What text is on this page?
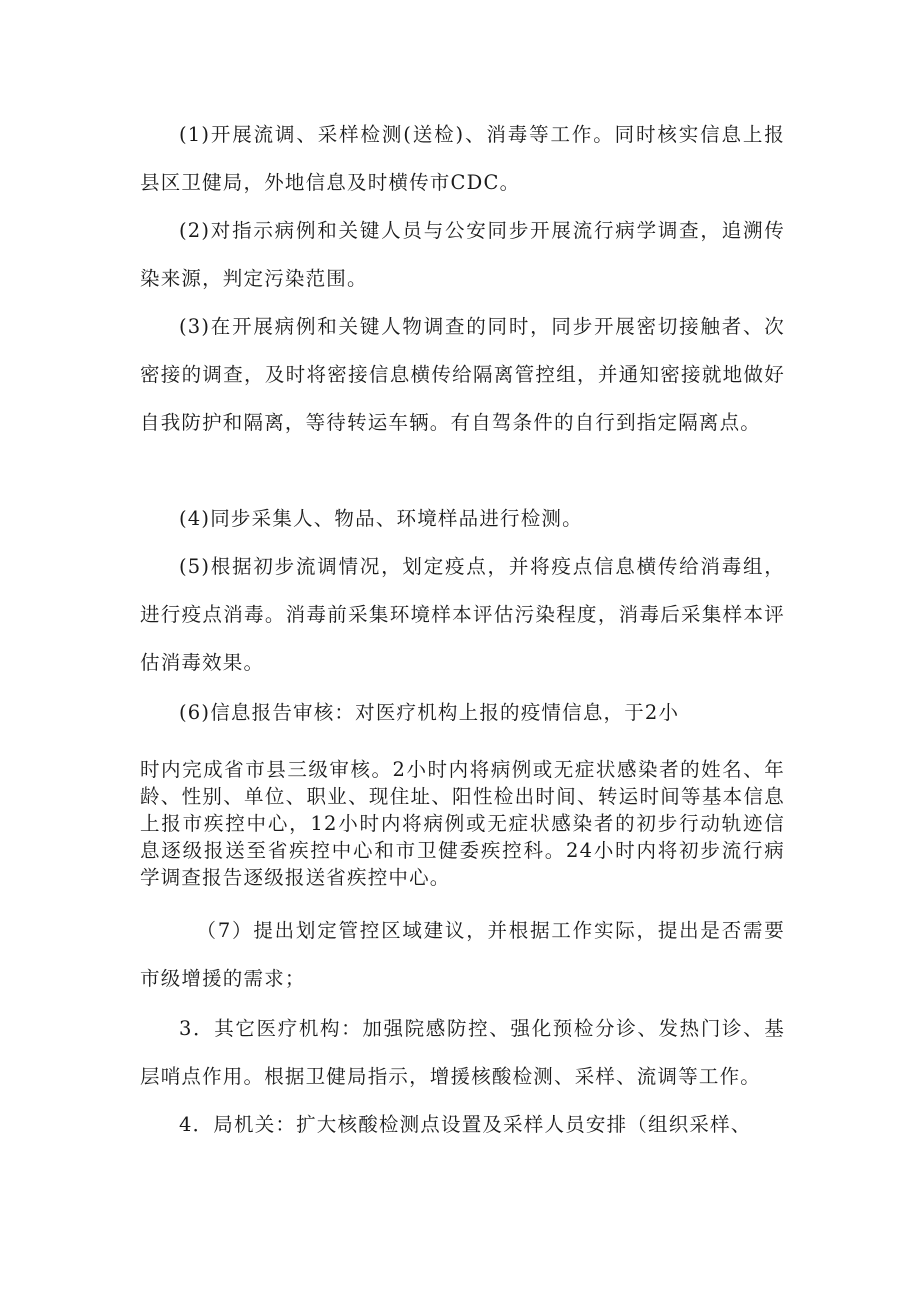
(1)开展流调、采样检测(送检)、消毒等工作。同时核实信息上报县区卫健局，外地信息及时横传市CDC。

(2)对指示病例和关键人员与公安同步开展流行病学调查，追溯传染来源，判定污染范围。

(3)在开展病例和关键人物调查的同时，同步开展密切接触者、次密接的调查，及时将密接信息横传给隔离管控组，并通知密接就地做好自我防护和隔离，等待转运车辆。有自驾条件的自行到指定隔离点。

(4)同步采集人、物品、环境样品进行检测。

(5)根据初步流调情况，划定疫点，并将疫点信息横传给消毒组，进行疫点消毒。消毒前采集环境样本评估污染程度，消毒后采集样本评估消毒效果。

(6)信息报告审核：对医疗机构上报的疫情信息，于2小

时内完成省市县三级审核。2小时内将病例或无症状感染者的姓名、年龄、性别、单位、职业、现住址、阳性检出时间、转运时间等基本信息上报市疾控中心，12小时内将病例或无症状感染者的初步行动轨迹信息逐级报送至省疾控中心和市卫健委疾控科。24小时内将初步流行病学调查报告逐级报送省疾控中心。

（7）提出划定管控区域建议，并根据工作实际，提出是否需要市级增援的需求；

3．其它医疗机构：加强院感防控、强化预检分诊、发热门诊、基层哨点作用。根据卫健局指示，增援核酸检测、采样、流调等工作。

4．局机关：扩大核酸检测点设置及采样人员安排（组织采样、
